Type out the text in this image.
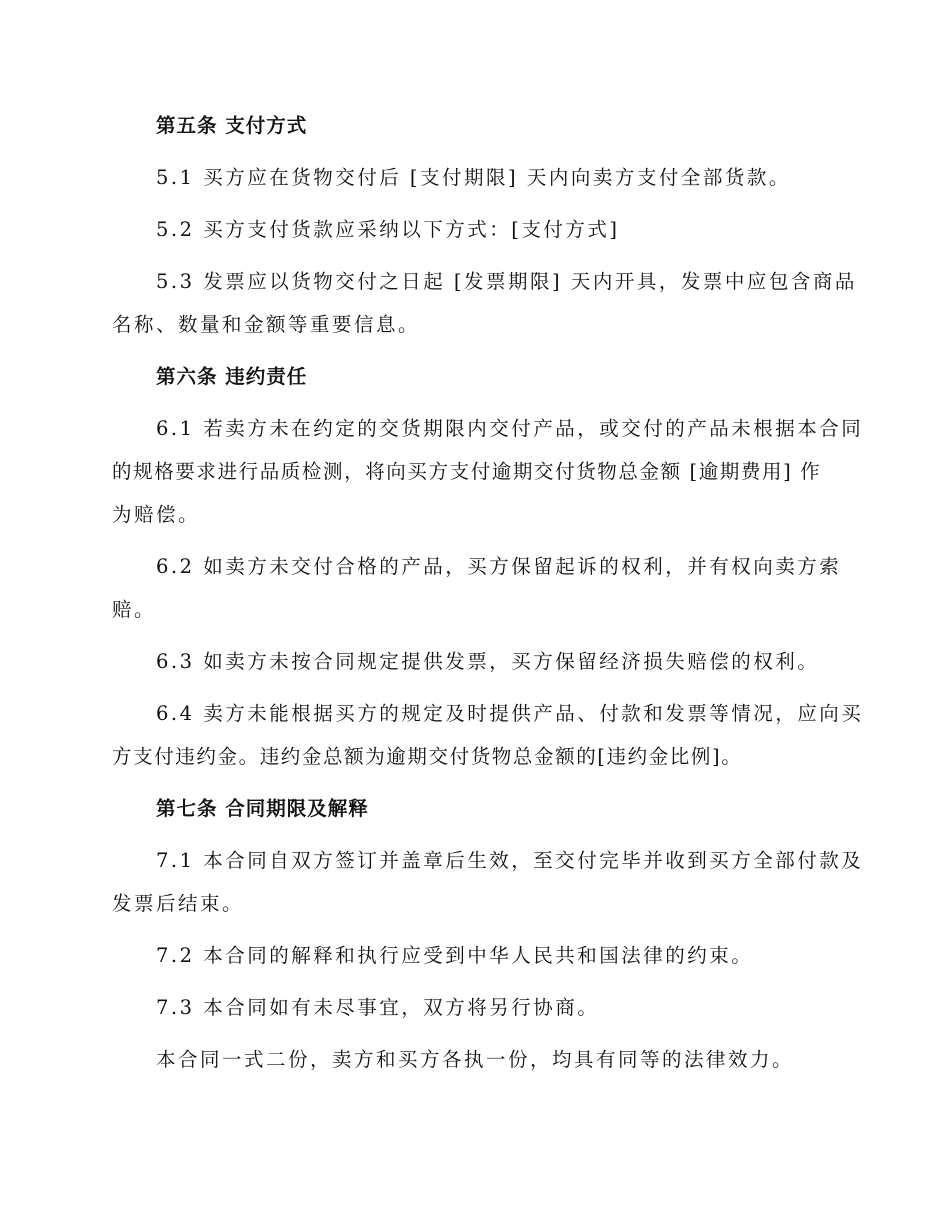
第五条 支付方式
5.1 买方应在货物交付后 [支付期限] 天内向卖方支付全部货款。
5.2 买方支付货款应采纳以下方式：[支付方式]
5.3 发票应以货物交付之日起 [发票期限] 天内开具，发票中应包含商品
名称、数量和金额等重要信息。
第六条 违约责任
6.1 若卖方未在约定的交货期限内交付产品，或交付的产品未根据本合同
的规格要求进行品质检测，将向买方支付逾期交付货物总金额 [逾期费用] 作
为赔偿。
6.2 如卖方未交付合格的产品，买方保留起诉的权利，并有权向卖方索
赔。
6.3 如卖方未按合同规定提供发票，买方保留经济损失赔偿的权利。
6.4 卖方未能根据买方的规定及时提供产品、付款和发票等情况，应向买
方支付违约金。违约金总额为逾期交付货物总金额的[违约金比例]。
第七条 合同期限及解释
7.1 本合同自双方签订并盖章后生效，至交付完毕并收到买方全部付款及
发票后结束。
7.2 本合同的解释和执行应受到中华人民共和国法律的约束。
7.3 本合同如有未尽事宜，双方将另行协商。
本合同一式二份，卖方和买方各执一份，均具有同等的法律效力。
